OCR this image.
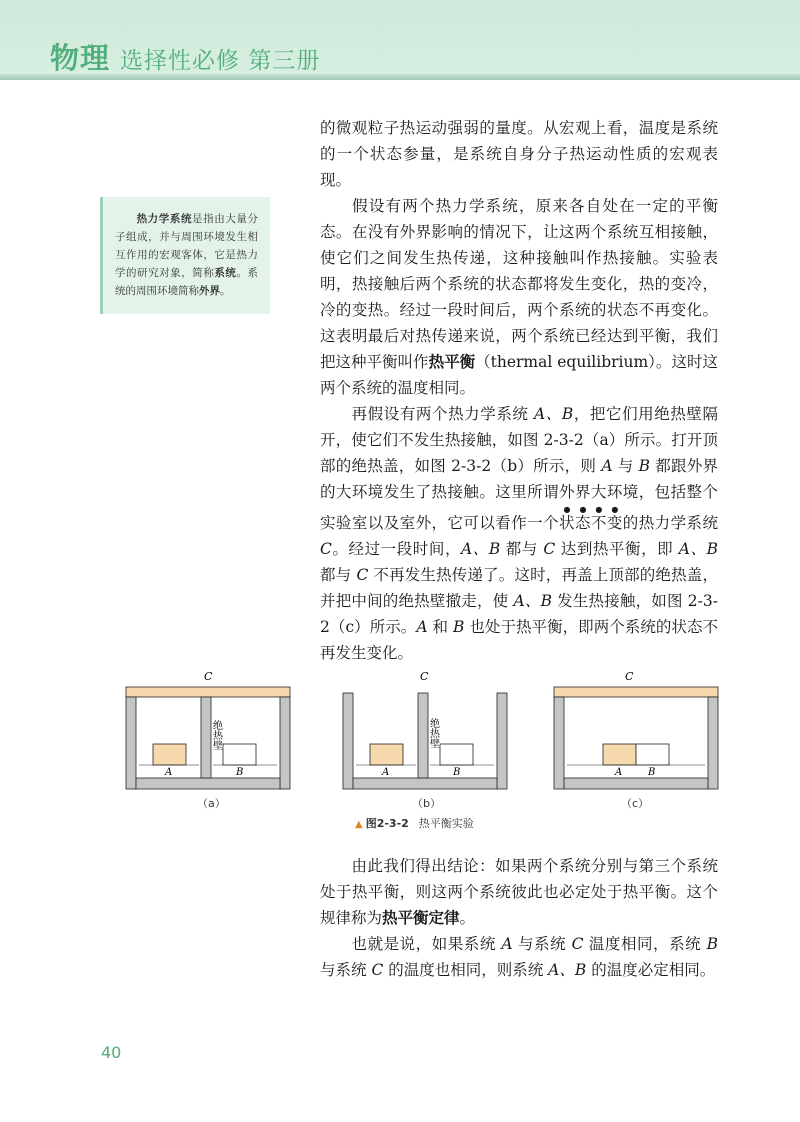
物理 选择性必修 第三册

的微观粒子热运动强弱的量度。从宏观上看，温度是系统的一个状态参量，是系统自身分子热运动性质的宏观表现。

假设有两个热力学系统，原来各自处在一定的平衡态。在没有外界影响的情况下，让这两个系统互相接触，使它们之间发生热传递，这种接触叫作热接触。实验表明，热接触后两个系统的状态都将发生变化，热的变冷，冷的变热。经过一段时间后，两个系统的状态不再变化。这表明最后对热传递来说，两个系统已经达到平衡，我们把这种平衡叫作热平衡（thermal equilibrium）。这时这两个系统的温度相同。

再假设有两个热力学系统 A、B，把它们用绝热壁隔开，使它们不发生热接触，如图 2-3-2（a）所示。打开顶部的绝热盖，如图 2-3-2（b）所示，则 A 与 B 都跟外界的大环境发生了热接触。这里所谓外界大环境，包括整个实验室以及室外，它可以看作一个状态不变的热力学系统 C。经过一段时间，A、B 都与 C 达到热平衡，即 A、B 都与 C 不再发生热传递了。这时，再盖上顶部的绝热盖，并把中间的绝热壁撤走，使 A、B 发生热接触，如图 2-3-2（c）所示。A 和 B 也处于热平衡，即两个系统的状态不再发生变化。

由此我们得出结论：如果两个系统分别与第三个系统处于热平衡，则这两个系统彼此也必定处于热平衡。这个规律称为热平衡定律。

也就是说，如果系统 A 与系统 C 温度相同，系统 B 与系统 C 的温度也相同，则系统 A、B 的温度必定相同。

热力学系统是指由大量分子组成，并与周围环境发生相互作用的宏观客体，它是热力学的研究对象，简称系统。系统的周围环境简称外界。
C
A	B
绝热壁
（a）
C
A	B
绝热壁
（b）
C
A	B
（c）
▲ 图2-3-2 热平衡实验
40
